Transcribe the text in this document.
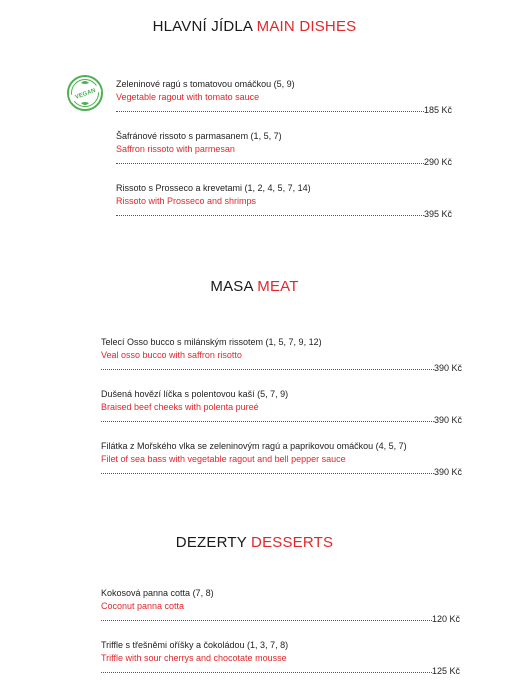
HLAVNÍ JÍDLA MAIN DISHES
VEGAN
Zeleninové ragú s tomatovou omáčkou (5, 9)
Vegetable ragout with tomato sauce
185 Kč
Šafránové rissoto s parmasanem (1, 5, 7)
Saffron rissoto with parmesan
290 Kč
Rissoto s Prosseco a krevetami (1, 2, 4, 5, 7, 14)
Rissoto with Prosseco and shrimps
395 Kč
MASA MEAT
Telecí Osso bucco s milánským rissotem (1, 5, 7, 9, 12)
Veal osso bucco with saffron risotto
390 Kč
Dušená hovězí líčka s polentovou kaší (5, 7, 9)
Braised beef cheeks with polenta pureé
390 Kč
Filátka z Mořského vlka se zeleninovým ragú a paprikovou omáčkou (4, 5, 7)
Filet of sea bass with vegetable ragout and bell pepper sauce
390 Kč
DEZERTY DESSERTS
Kokosová panna cotta (7, 8)
Coconut panna cotta
120 Kč
Triffle s třešněmi oříšky a čokoládou (1, 3, 7, 8)
Triffle with sour cherrys and chocotate mousse
125 Kč
